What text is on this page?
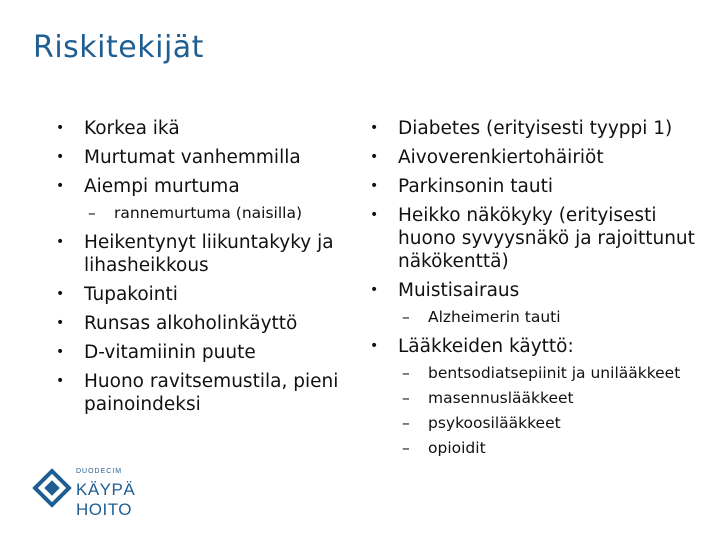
Riskitekijät
• Korkea ikä
• Murtumat vanhemmilla
• Aiempi murtuma
– rannemurtuma (naisilla)
• Heikentynyt liikuntakyky ja lihasheikkous
• Tupakointi
• Runsas alkoholinkäyttö
• D-vitamiinin puute
• Huono ravitsemustila, pieni painoindeksi
• Diabetes (erityisesti tyyppi 1)
• Aivoverenkiertohäiriöt
• Parkinsonin tauti
• Heikko näkökyky (erityisesti huono syvyysnäkö ja rajoittunut näkökenttä)
• Muistisairaus
– Alzheimerin tauti
• Lääkkeiden käyttö:
– bentsodiatsepiinit ja unilääkkeet
– masennuslääkkeet
– psykoosilääkkeet
– opioidit
DUODECIM
KÄYPÄ HOITO
